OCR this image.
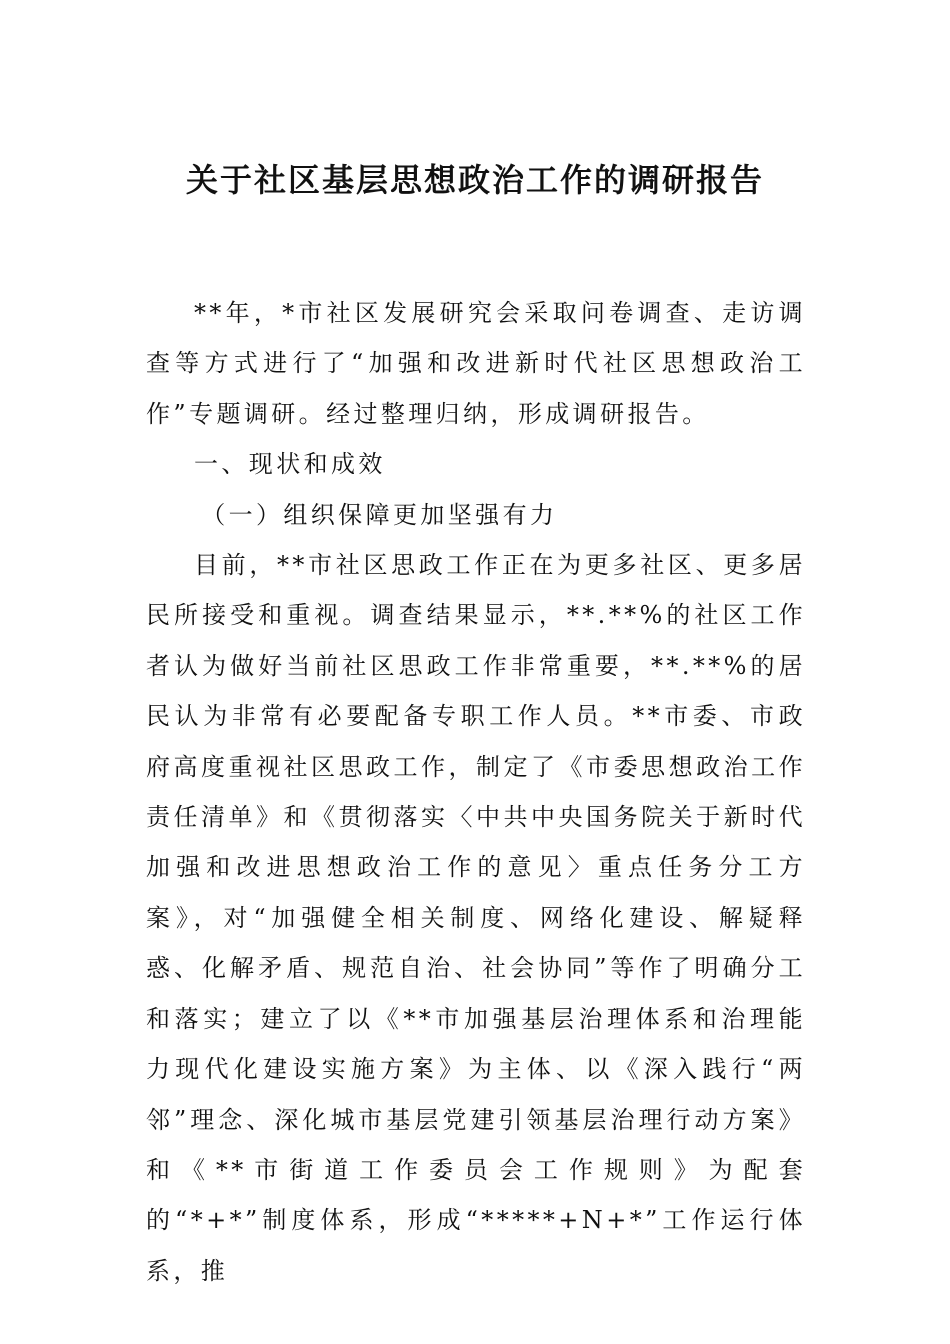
关于社区基层思想政治工作的调研报告

**年，*市社区发展研究会采取问卷调查、走访调查等方式进行了“加强和改进新时代社区思想政治工作”专题调研。经过整理归纳，形成调研报告。

一、现状和成效

（一）组织保障更加坚强有力

目前，**市社区思政工作正在为更多社区、更多居民所接受和重视。调查结果显示，**.**%的社区工作者认为做好当前社区思政工作非常重要，**.**%的居民认为非常有必要配备专职工作人员。**市委、市政府高度重视社区思政工作，制定了《市委思想政治工作责任清单》和《贯彻落实〈中共中央国务院关于新时代加强和改进思想政治工作的意见〉重点任务分工方案》，对“加强健全相关制度、网络化建设、解疑释惑、化解矛盾、规范自治、社会协同”等作了明确分工和落实；建立了以《**市加强基层治理体系和治理能力现代化建设实施方案》为主体、以《深入践行“两邻”理念、深化城市基层党建引领基层治理行动方案》和《**市街道工作委员会工作规则》为配套的“*+*”制度体系，形成“*****+N+*”工作运行体系，推
